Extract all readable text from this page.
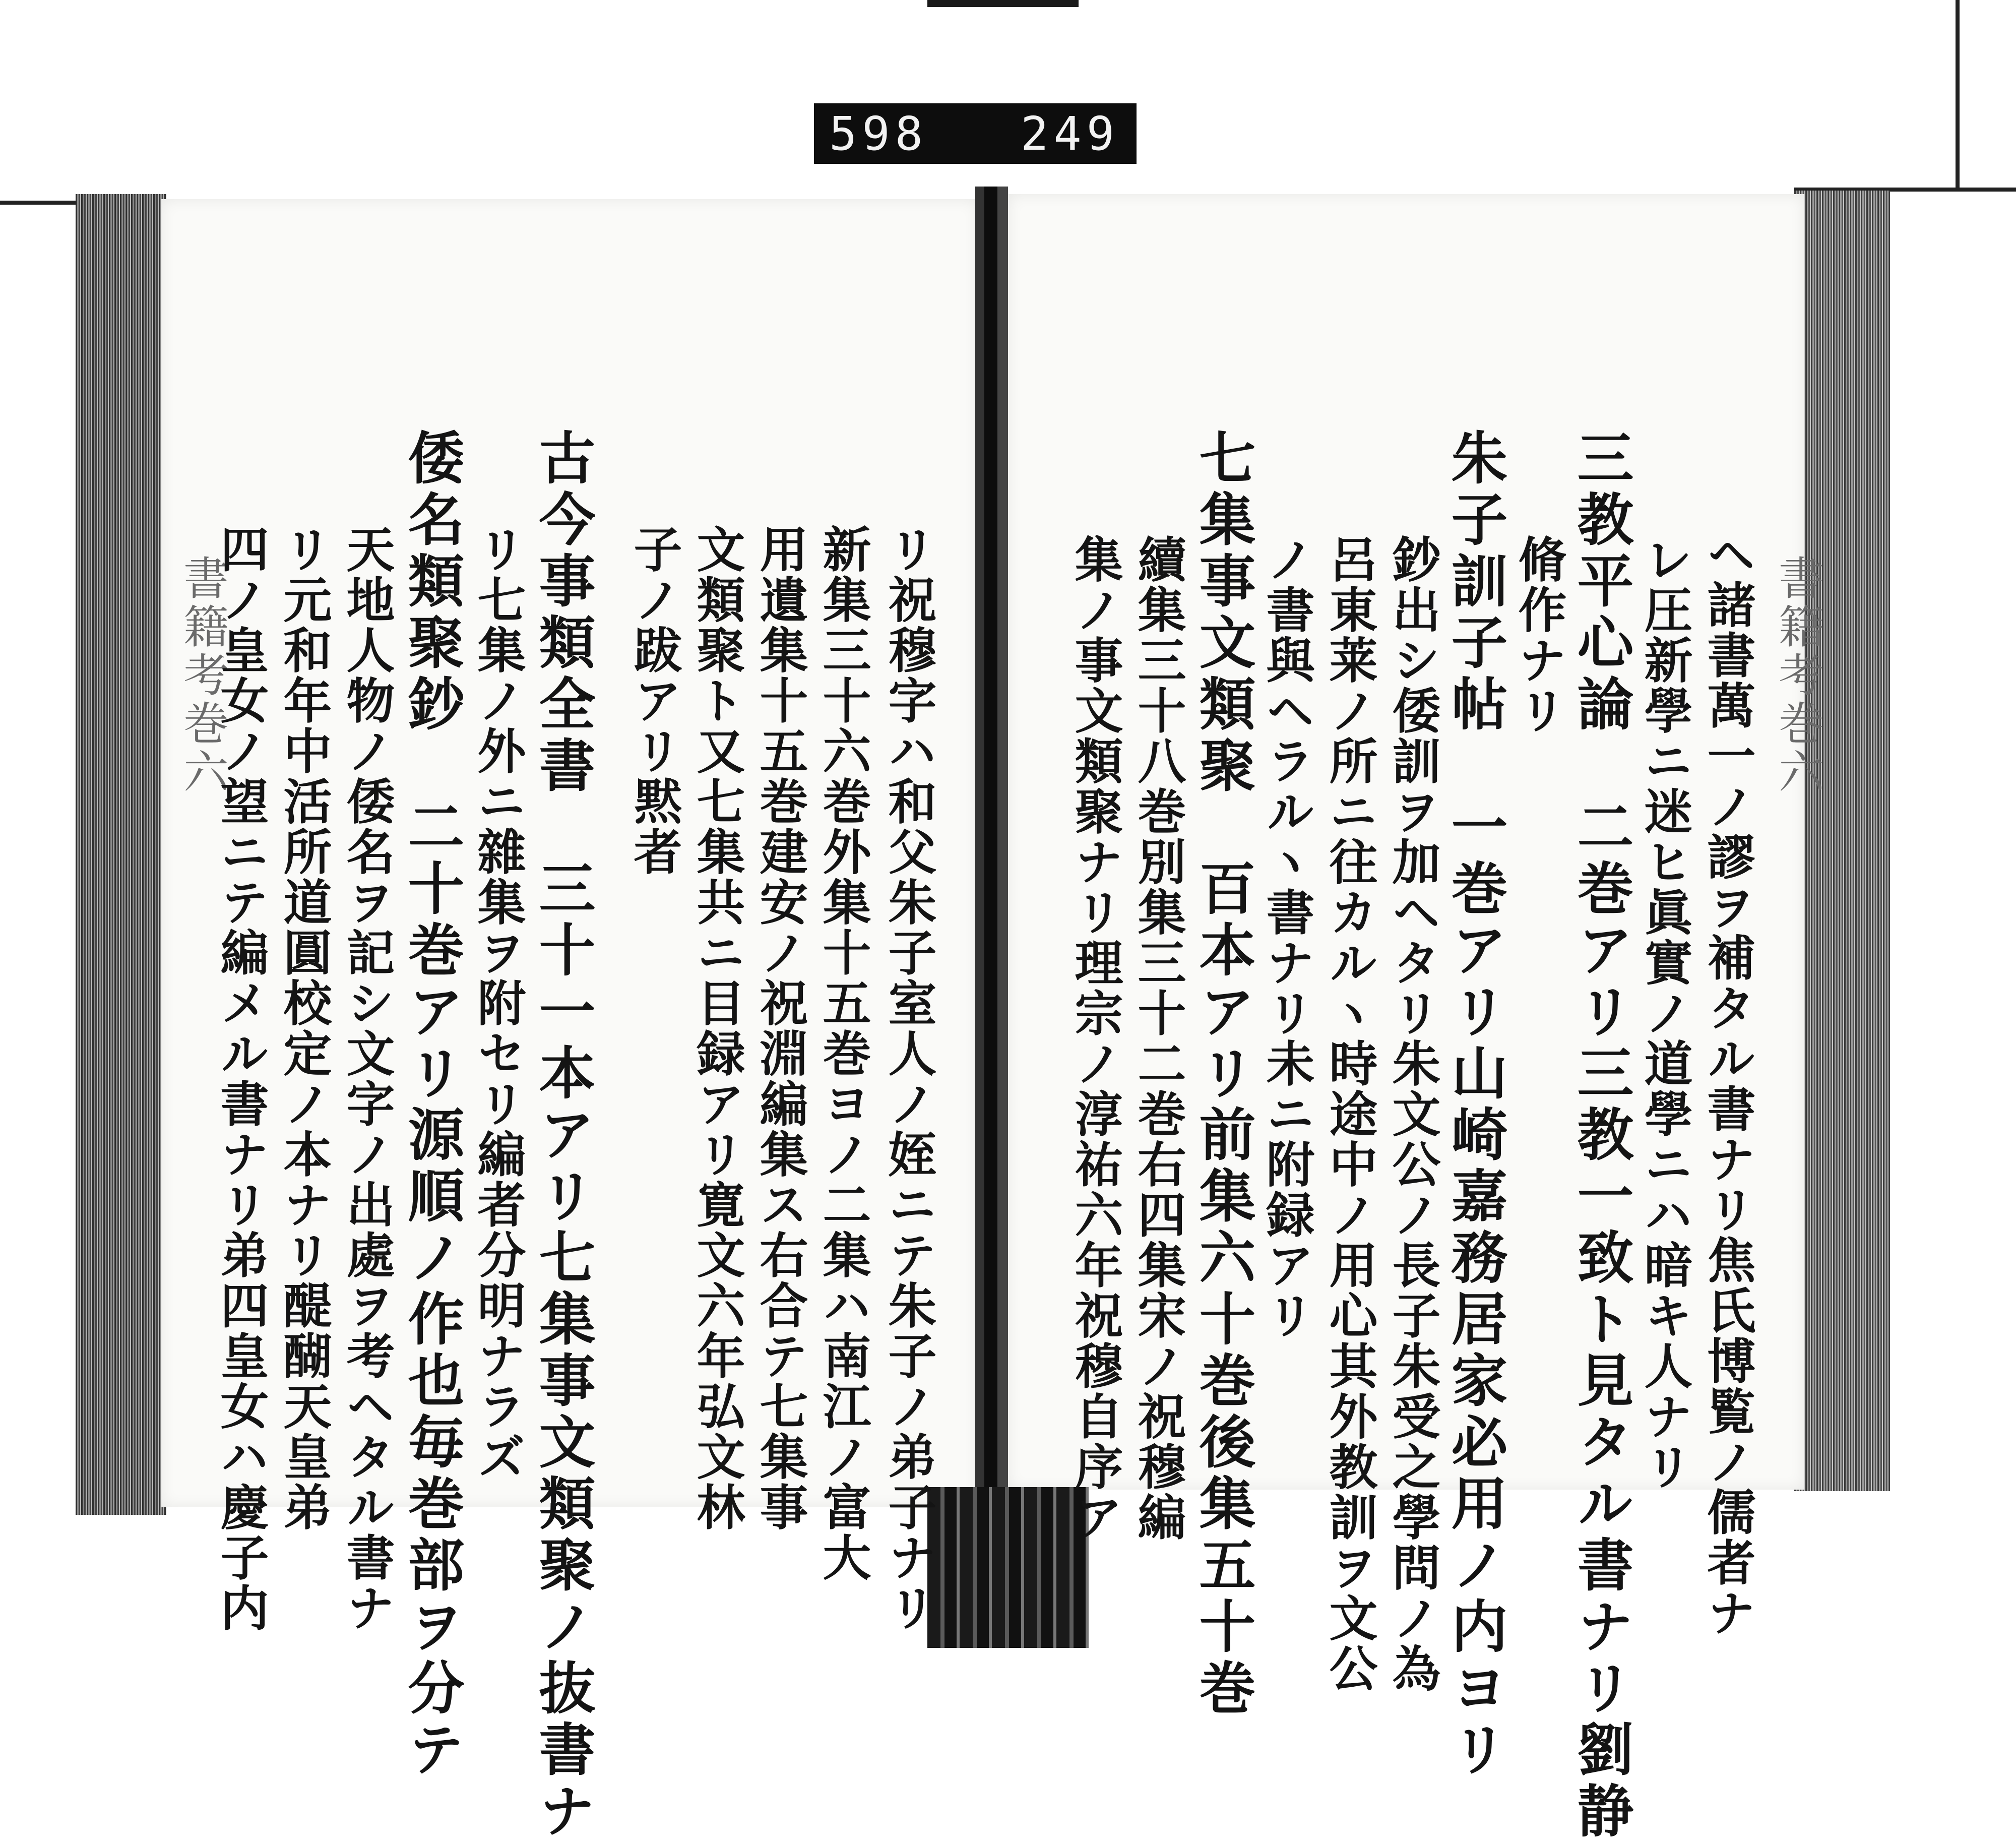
598 249
書籍考巻六
書籍考巻六	ヘ諸書萬一ノ謬ヲ補タル書ナリ焦氏博覧ノ儒者ナ
レ圧新學ニ迷ヒ眞實ノ道學ニハ暗キ人ナリ
三教平心論　二巻アリ三教一致ト見タル書ナリ劉静
脩作ナリ
朱子訓子帖　一巻アリ山崎嘉務居家必用ノ内ヨリ
鈔出シ倭訓ヲ加ヘタリ朱文公ノ長子朱受之學問ノ為
呂東莱ノ所ニ往カルヽ時途中ノ用心其外教訓ヲ文公
ノ書與ヘラルヽ書ナリ未ニ附録アリ
七集事文類聚　百本アリ前集六十巻後集五十巻
續集三十八巻別集三十二巻右四集宋ノ祝穆編
集ノ事文類聚ナリ理宗ノ淳祐六年祝穆自序ア
リ祝穆字ハ和父朱子室人ノ姪ニテ朱子ノ弟子ナリ
新集三十六巻外集十五巻ヨノ二集ハ南江ノ富大
用遺集十五巻建安ノ祝淵編集ス右合テ七集事
文類聚ト又七集共ニ目録アリ寛文六年弘文林
子ノ跋アリ黙者
古今事類全書　三十一本アリ七集事文類聚ノ抜書ナ
リ七集ノ外ニ雜集ヲ附セリ編者分明ナラズ
倭名類聚鈔　二十巻アリ源順ノ作也毎巻部ヲ分テ
天地人物ノ倭名ヲ記シ文字ノ出處ヲ考ヘタル書ナ
リ元和年中活所道圓校定ノ本ナリ醍醐天皇弟
四ノ皇女ノ望ニテ編メル書ナリ弟四皇女ハ慶子内
